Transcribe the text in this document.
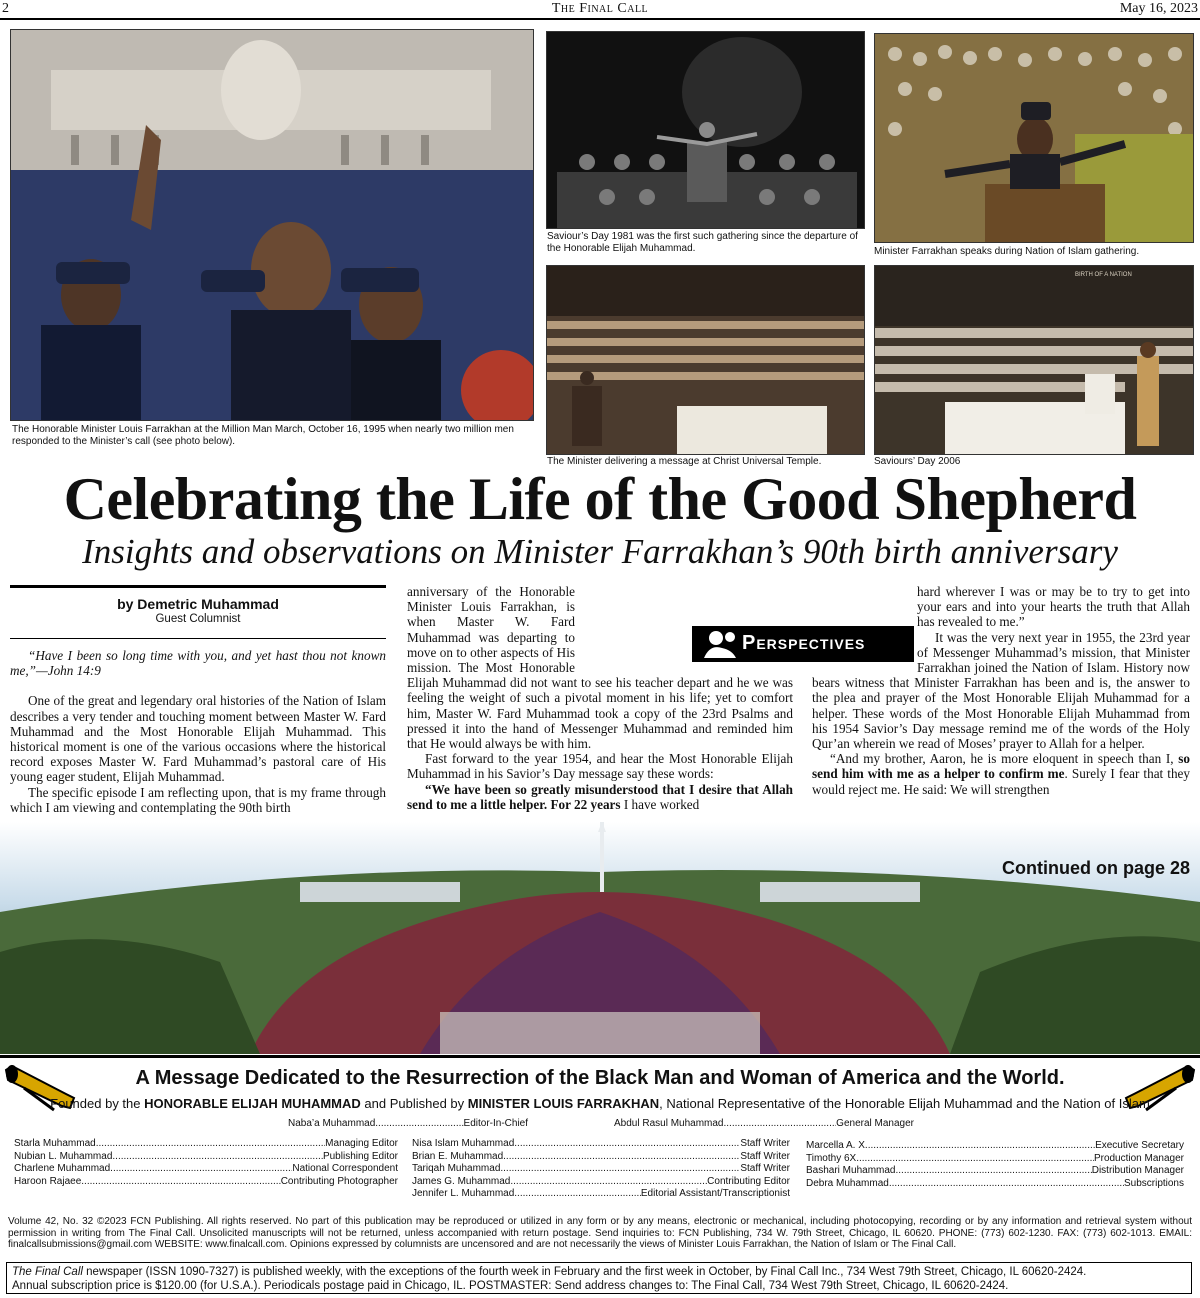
2	The Final Call	May 16, 2023
The Honorable Minister Louis Farrakhan at the Million Man March, October 16, 1995 when nearly two million men responded to the Minister’s call (see photo below).
Saviour’s Day 1981 was the first such gathering since the departure of the Honorable Elijah Muhammad.	Minister Farrakhan speaks during Nation of Islam gathering.
The Minister delivering a message at Christ Universal Temple.
BIRTH OF A NATION
Saviours’ Day 2006
Celebrating the Life of the Good Shepherd
Insights and observations on Minister Farrakhan’s 90th birth anniversary
by Demetric Muhammad
Guest Columnist

“Have I been so long time with you, and yet hast thou not known me,”—John 14:9

One of the great and legendary oral histories of the Nation of Islam describes a very tender and touching moment between Master W. Fard Muhammad and the Most Honorable Elijah Muhammad. This historical moment is one of the various occasions where the historical record exposes Master W. Fard Muhammad’s pastoral care of His young eager student, Elijah Muhammad.

The specific episode I am reflecting upon, that is my frame through which I am viewing and contemplating the 90th birth

anniversary of the Honorable Minister Louis Farrakhan, is when Master W. Fard Muhammad was departing to move on to other aspects of His mission. The Most Honorable Elijah Muhammad did not want to see his teacher depart and he we was feeling the weight of such a pivotal moment in his life; yet to comfort him, Master W. Fard Muhammad took a copy of the 23rd Psalms and pressed it into the hand of Messenger Muhammad and reminded him that He would always be with him.

Fast forward to the year 1954, and hear the Most Honorable Elijah Muhammad in his Savior’s Day message say these words:

“We have been so greatly misunderstood that I desire that Allah send to me a little helper. For 22 years I have worked

Perspectives

hard wherever I was or may be to try to get into your ears and into your hearts the truth that Allah has revealed to me.”

It was the very next year in 1955, the 23rd year of Messenger Muhammad’s mission, that Minister Farrakhan joined the Nation of Islam. History now bears witness that Minister Farrakhan has been and is, the answer to the plea and prayer of the Most Honorable Elijah Muhammad for a helper. These words of the Most Honorable Elijah Muhammad from his 1954 Savior’s Day message remind me of the words of the Holy Qur’an wherein we read of Moses’ prayer to Allah for a helper.

“And my brother, Aaron, he is more eloquent in speech than I, so send him with me as a helper to confirm me. Surely I fear that they would reject me. He said: We will strengthen

Continued on page 28
A Message Dedicated to the Resurrection of the Black Man and Woman of America and the World.
Founded by the HONORABLE ELIJAH MUHAMMAD and Published by MINISTER LOUIS FARRAKHAN, National Representative of the Honorable Elijah Muhammad and the Nation of Islam
Naba’a Muhammad .....	Editor-In-Chief	Abdul Rasul Muhammad .....	General Manager
Starla Muhammad .....	Managing Editor
Nubian L. Muhammad .....	Publishing Editor
Charlene Muhammad .....	National Correspondent
Haroon Rajaee .....	Contributing Photographer
Nisa Islam Muhammad .....	Staff Writer
Brian E. Muhammad .....	Staff Writer
Tariqah Muhammad .....	Staff Writer
James G. Muhammad .....	Contributing Editor
Jennifer L. Muhammad .....	Editorial Assistant/Transcriptionist
Marcella A. X. .....	Executive Secretary
Timothy 6X .....	Production Manager
Bashari Muhammad .....	Distribution Manager
Debra Muhammad .....	Subscriptions
Volume 42, No. 32 ©2023 FCN Publishing. All rights reserved. No part of this publication may be reproduced or utilized in any form or by any means, electronic or mechanical, including photocopying, recording or by any information and retrieval system without permission in writing from The Final Call. Unsolicited manuscripts will not be returned, unless accompanied with return postage. Send inquiries to: FCN Publishing, 734 W. 79th Street, Chicago, IL 60620. PHONE: (773) 602-1230. FAX: (773) 602-1013. EMAIL: finalcallsubmissions@gmail.com WEBSITE: www.finalcall.com. Opinions expressed by columnists are uncensored and are not necessarily the views of Minister Louis Farrakhan, the Nation of Islam or The Final Call.
The Final Call newspaper (ISSN 1090-7327) is published weekly, with the exceptions of the fourth week in February and the first week in October, by Final Call Inc., 734 West 79th Street, Chicago, IL 60620-2424.
Annual subscription price is $120.00 (for U.S.A.). Periodicals postage paid in Chicago, IL. POSTMASTER: Send address changes to: The Final Call, 734 West 79th Street, Chicago, IL 60620-2424.
